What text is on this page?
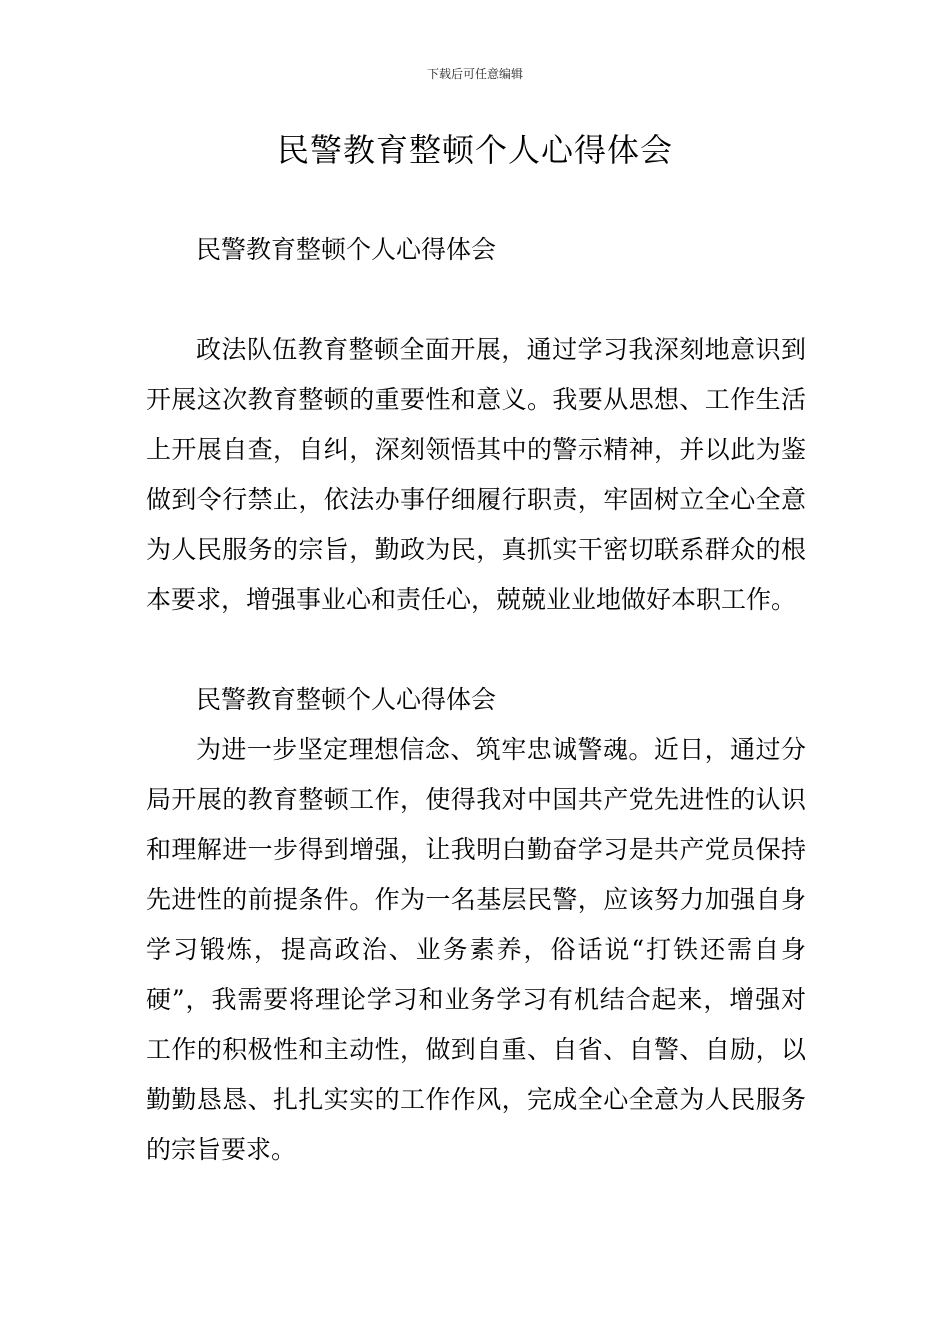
下载后可任意编辑
民警教育整顿个人心得体会
民警教育整顿个人心得体会

政法队伍教育整顿全面开展，通过学习我深刻地意识到开展这次教育整顿的重要性和意义。我要从思想、工作生活上开展自查，自纠，深刻领悟其中的警示精神，并以此为鉴做到令行禁止，依法办事仔细履行职责，牢固树立全心全意为人民服务的宗旨，勤政为民，真抓实干密切联系群众的根本要求，增强事业心和责任心，兢兢业业地做好本职工作。

民警教育整顿个人心得体会

为进一步坚定理想信念、筑牢忠诚警魂。近日，通过分局开展的教育整顿工作，使得我对中国共产党先进性的认识和理解进一步得到增强，让我明白勤奋学习是共产党员保持先进性的前提条件。作为一名基层民警，应该努力加强自身学习锻炼，提高政治、业务素养，俗话说“打铁还需自身硬”，我需要将理论学习和业务学习有机结合起来，增强对工作的积极性和主动性，做到自重、自省、自警、自励，以勤勤恳恳、扎扎实实的工作作风，完成全心全意为人民服务的宗旨要求。
